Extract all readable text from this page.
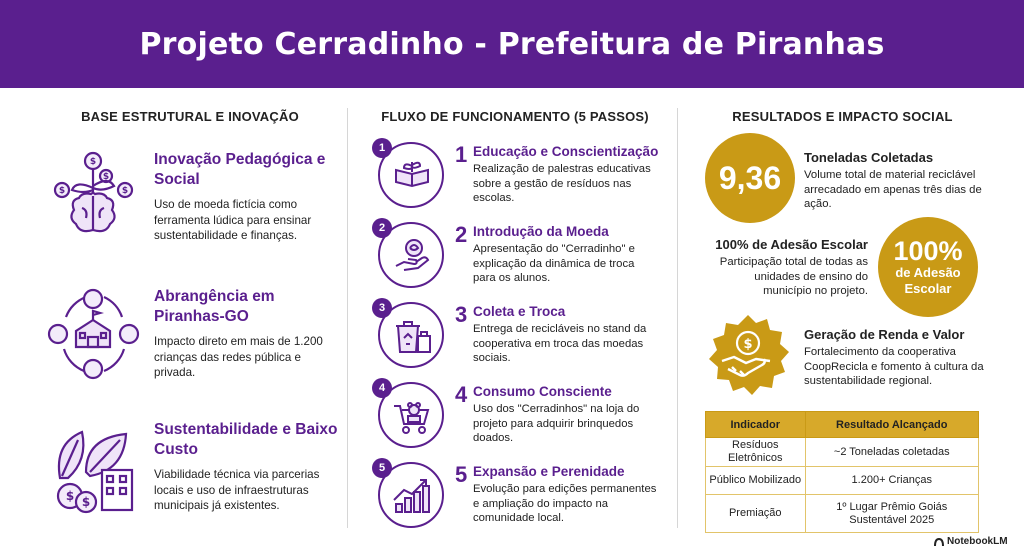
Projeto Cerradinho - Prefeitura de Piranhas
BASE ESTRUTURAL E INOVAÇÃO	FLUXO DE FUNCIONAMENTO (5 PASSOS)	RESULTADOS E IMPACTO SOCIAL
$
$	$
$
Inovação Pedagógica e Social
Uso de moeda fictícia como ferramenta lúdica para ensinar sustentabilidade e finanças.
Abrangência em Piranhas-GO
Impacto direto em mais de 1.200 crianças das redes pública e privada.
$ $
Sustentabilidade e Baixo Custo
Viabilidade técnica via parcerias locais e uso de infraestruturas municipais já existentes.
1	1 Educação e Conscientização
Realização de palestras educativas sobre a gestão de resíduos nas escolas.
2	2 Introdução da Moeda
Apresentação do "Cerradinho" e explicação da dinâmica de troca para os alunos.
3	3 Coleta e Troca
Entrega de recicláveis no stand da cooperativa em troca das moedas sociais.
4	4 Consumo Consciente
Uso dos "Cerradinhos" na loja do projeto para adquirir brinquedos doados.
5	5 Expansão e Perenidade
Evolução para edições permanentes e ampliação do impacto na comunidade local.
9,36
Toneladas Coletadas
Volume total de material reciclável arrecadado em apenas três dias de ação.
100% de Adesão Escolar
Participação total de todas as unidades de ensino do município no projeto.
100%
de Adesão Escolar
$
Geração de Renda e Valor
Fortalecimento da cooperativa CoopRecicla e fomento à cultura da sustentabilidade regional.
Indicador	Resultado Alcançado
Resíduos Eletrônicos	~2 Toneladas coletadas
Público Mobilizado	1.200+ Crianças
Premiação	1º Lugar Prêmio Goiás Sustentável 2025
NotebookLM
